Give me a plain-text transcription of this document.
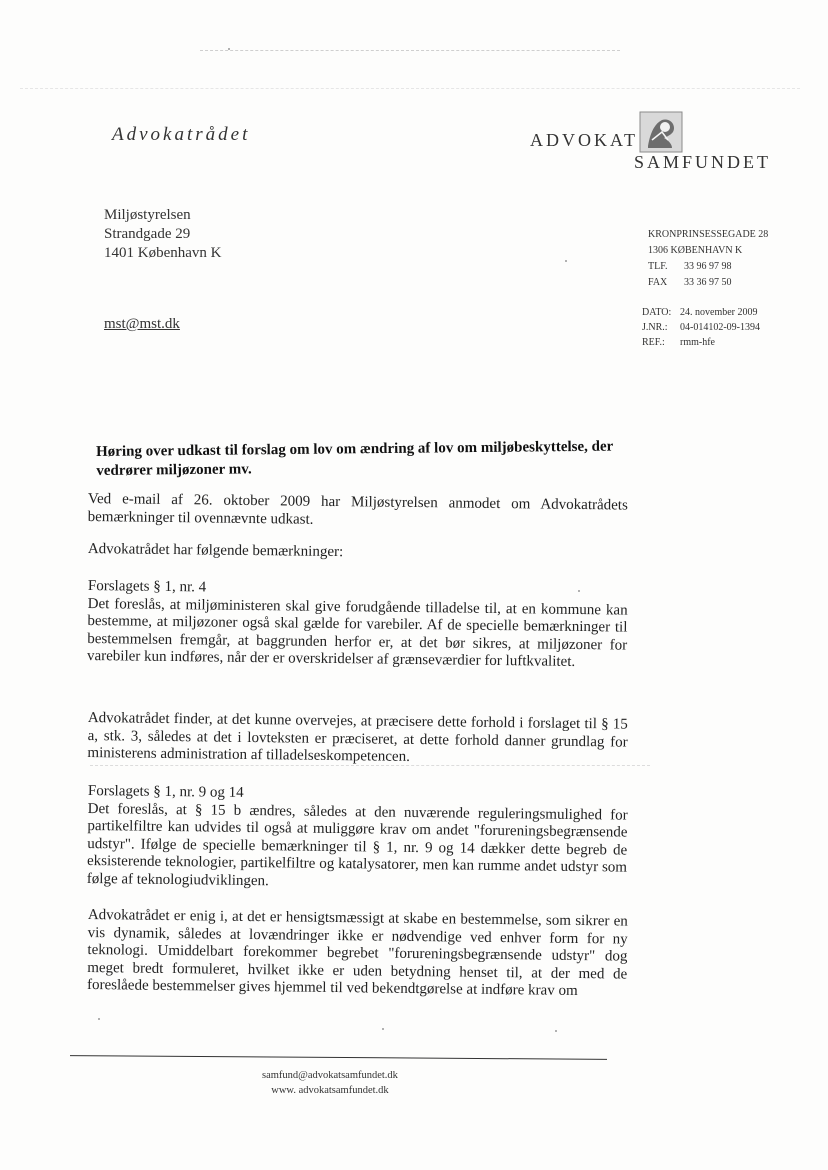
Advokatrådet	ADVOKAT
SAMFUNDET
Miljøstyrelsen
Strandgade 29
1401 København K
mst@mst.dk
KRONPRINSESSEGADE 28
1306 KØBENHAVN K
TLF. 33 96 97 98
FAX 33 36 97 50
DATO: 24. november 2009
J.NR.: 04-014102-09-1394
REF.: rmm-hfe
Høring over udkast til forslag om lov om ændring af lov om miljøbeskyttelse, der vedrører miljøzoner mv.
Ved e-mail af 26. oktober 2009 har Miljøstyrelsen anmodet om Advokatrådets bemærkninger til ovennævnte udkast.
Advokatrådet har følgende bemærkninger:
Forslagets § 1, nr. 4
Det foreslås, at miljøministeren skal give forudgående tilladelse til, at en kommune kan bestemme, at miljøzoner også skal gælde for varebiler. Af de specielle bemærkninger til bestemmelsen fremgår, at baggrunden herfor er, at det bør sikres, at miljøzoner for varebiler kun indføres, når der er overskridelser af grænseværdier for luftkvalitet.
Advokatrådet finder, at det kunne overvejes, at præcisere dette forhold i forslaget til § 15 a, stk. 3, således at det i lovteksten er præciseret, at dette forhold danner grundlag for ministerens administration af tilladelseskompetencen.
Forslagets § 1, nr. 9 og 14
Det foreslås, at § 15 b ændres, således at den nuværende reguleringsmulighed for partikelfiltre kan udvides til også at muliggøre krav om andet "forureningsbegrænsende udstyr". Ifølge de specielle bemærkninger til § 1, nr. 9 og 14 dækker dette begreb de eksisterende teknologier, partikelfiltre og katalysatorer, men kan rumme andet udstyr som følge af teknologiudviklingen.
Advokatrådet er enig i, at det er hensigtsmæssigt at skabe en bestemmelse, som sikrer en vis dynamik, således at lovændringer ikke er nødvendige ved enhver form for ny teknologi. Umiddelbart forekommer begrebet "forureningsbegrænsende udstyr" dog meget bredt formuleret, hvilket ikke er uden betydning henset til, at der med de foreslåede bestemmelser gives hjemmel til ved bekendtgørelse at indføre krav om
samfund@advokatsamfundet.dk
www. advokatsamfundet.dk
